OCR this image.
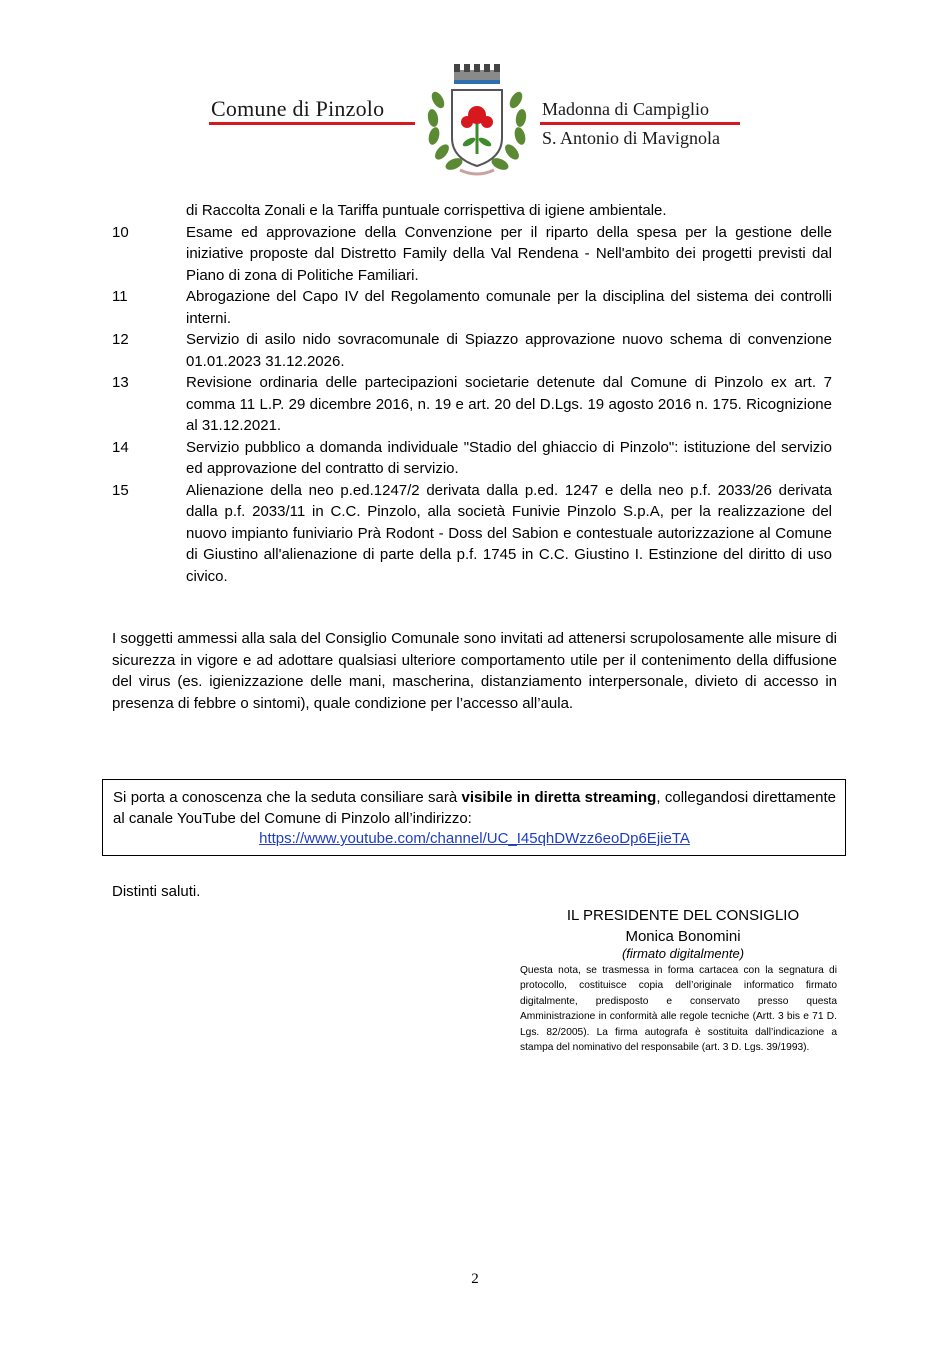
Comune di Pinzolo	Madonna di Campiglio
S. Antonio di Mavignola
di Raccolta Zonali e la Tariffa puntuale corrispettiva di igiene ambientale.
10	Esame ed approvazione della Convenzione per il riparto della spesa per la gestione delle iniziative proposte dal Distretto Family della Val Rendena - Nell'ambito dei progetti previsti dal Piano di zona di Politiche Familiari.
11	Abrogazione del Capo IV del Regolamento comunale per la disciplina del sistema dei controlli interni.
12	Servizio di asilo nido sovracomunale di Spiazzo approvazione nuovo schema di convenzione 01.01.2023 31.12.2026.
13	Revisione ordinaria delle partecipazioni societarie detenute dal Comune di Pinzolo ex art. 7 comma 11 L.P. 29 dicembre 2016, n. 19 e art. 20 del D.Lgs. 19 agosto 2016 n. 175. Ricognizione al 31.12.2021.
14	Servizio pubblico a domanda individuale "Stadio del ghiaccio di Pinzolo": istituzione del servizio ed approvazione del contratto di servizio.
15	Alienazione della neo p.ed.1247/2 derivata dalla p.ed. 1247 e della neo p.f. 2033/26 derivata dalla p.f. 2033/11 in C.C. Pinzolo, alla società Funivie Pinzolo S.p.A, per la realizzazione del nuovo impianto funiviario Prà Rodont - Doss del Sabion e contestuale autorizzazione al Comune di Giustino all'alienazione di parte della p.f. 1745 in C.C. Giustino I. Estinzione del diritto di uso civico.
I soggetti ammessi alla sala del Consiglio Comunale sono invitati ad attenersi scrupolosamente alle misure di sicurezza in vigore e ad adottare qualsiasi ulteriore comportamento utile per il contenimento della diffusione del virus (es. igienizzazione delle mani, mascherina, distanziamento interpersonale, divieto di accesso in presenza di febbre o sintomi), quale condizione per l’accesso all’aula.
Si porta a conoscenza che la seduta consiliare sarà visibile in diretta streaming, collegandosi direttamente al canale YouTube del Comune di Pinzolo all’indirizzo:
https://www.youtube.com/channel/UC_I45qhDWzz6eoDp6EjieTA
Distinti saluti.
IL PRESIDENTE DEL CONSIGLIO
Monica Bonomini
(firmato digitalmente)
Questa nota, se trasmessa in forma cartacea con la segnatura di protocollo, costituisce copia dell’originale informatico firmato digitalmente, predisposto e conservato presso questa Amministrazione in conformità alle regole tecniche (Artt. 3 bis e 71 D. Lgs. 82/2005). La firma autografa è sostituita dall’indicazione a stampa del nominativo del responsabile (art. 3 D. Lgs. 39/1993).
2
